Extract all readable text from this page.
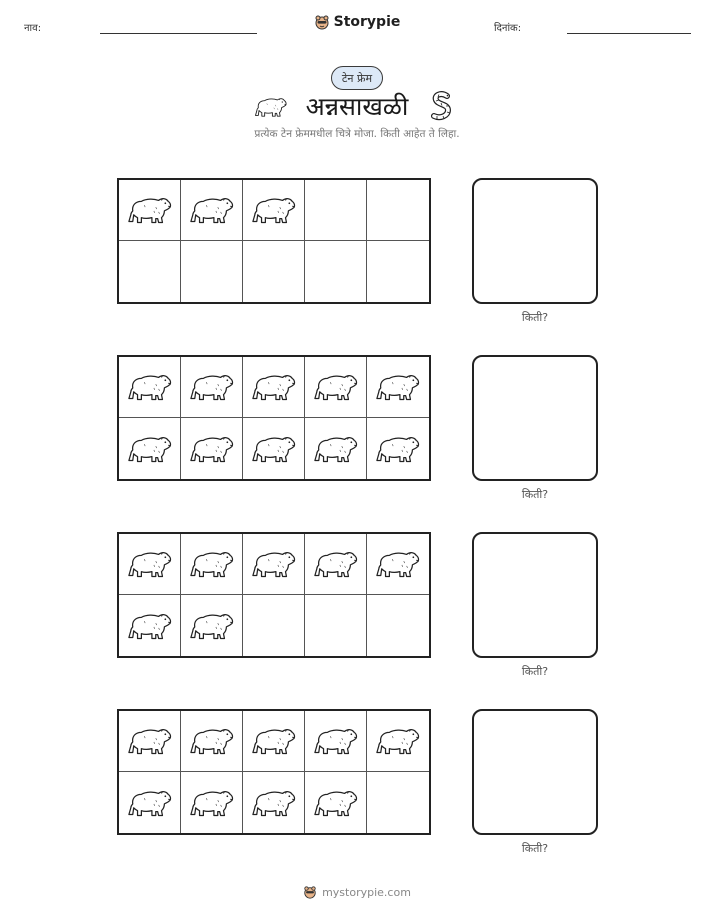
नाव:	Storypie	दिनांक:
टेन फ्रेम
अन्नसाखळी
प्रत्येक टेन फ्रेममधील चित्रे मोजा. किती आहेत ते लिहा.
किती?
किती?
किती?
किती?
mystorypie.com
